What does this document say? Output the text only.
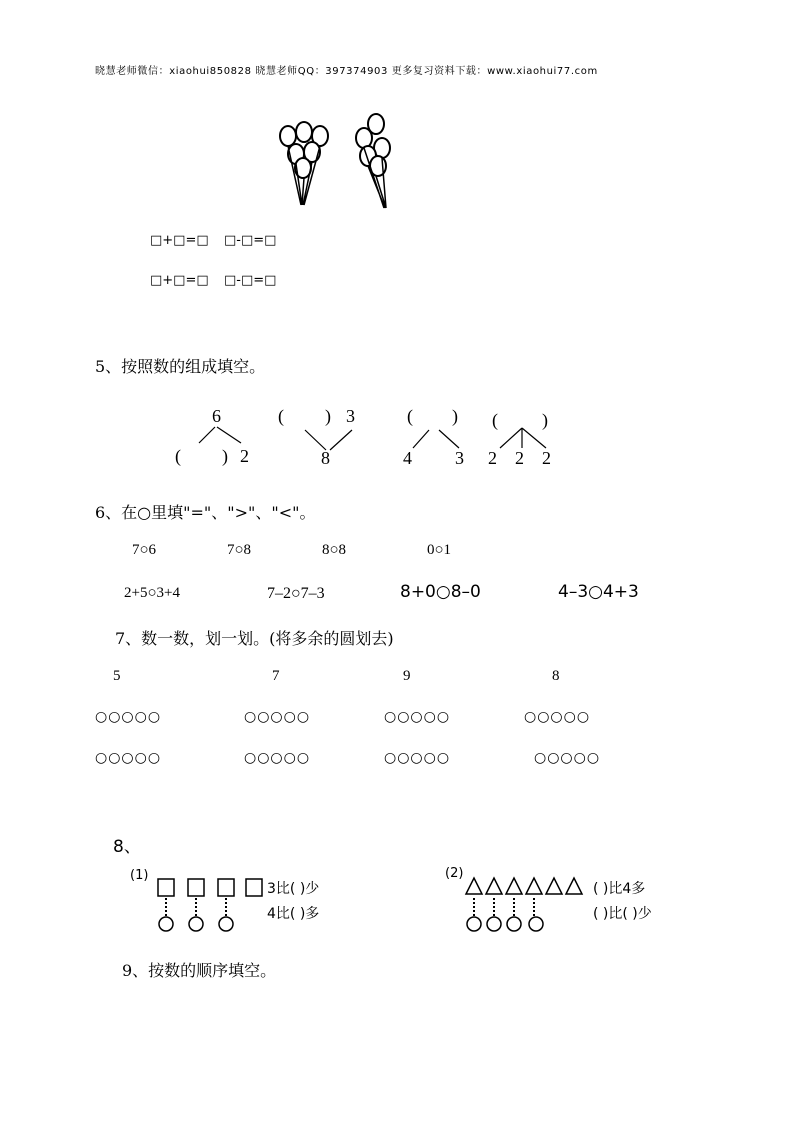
晓慧老师微信：xiaohui850828 晓慧老师QQ：397374903 更多复习资料下载：www.xiaohui77.com
□+□=□ □-□=□
□+□=□ □-□=□
5、按照数的组成填空。
6
( ) 2
( ) 3
8
( )
4 3
( )
2 2 2
6、在○里填"="、">"、"<"。
7○6	7○8	8○8	0○1
2+5○3+4	7–2○7–3	8+0○8–0	4–3○4+3
7、数一数，划一划。(将多余的圆划去)
5	7	9	8
○○○○○	○○○○○	○○○○○	○○○○○
○○○○○	○○○○○	○○○○○	○○○○○
8、
(1)
3比( )少
4比( )多
(2)
( )比4多
( )比( )少
9、按数的顺序填空。
